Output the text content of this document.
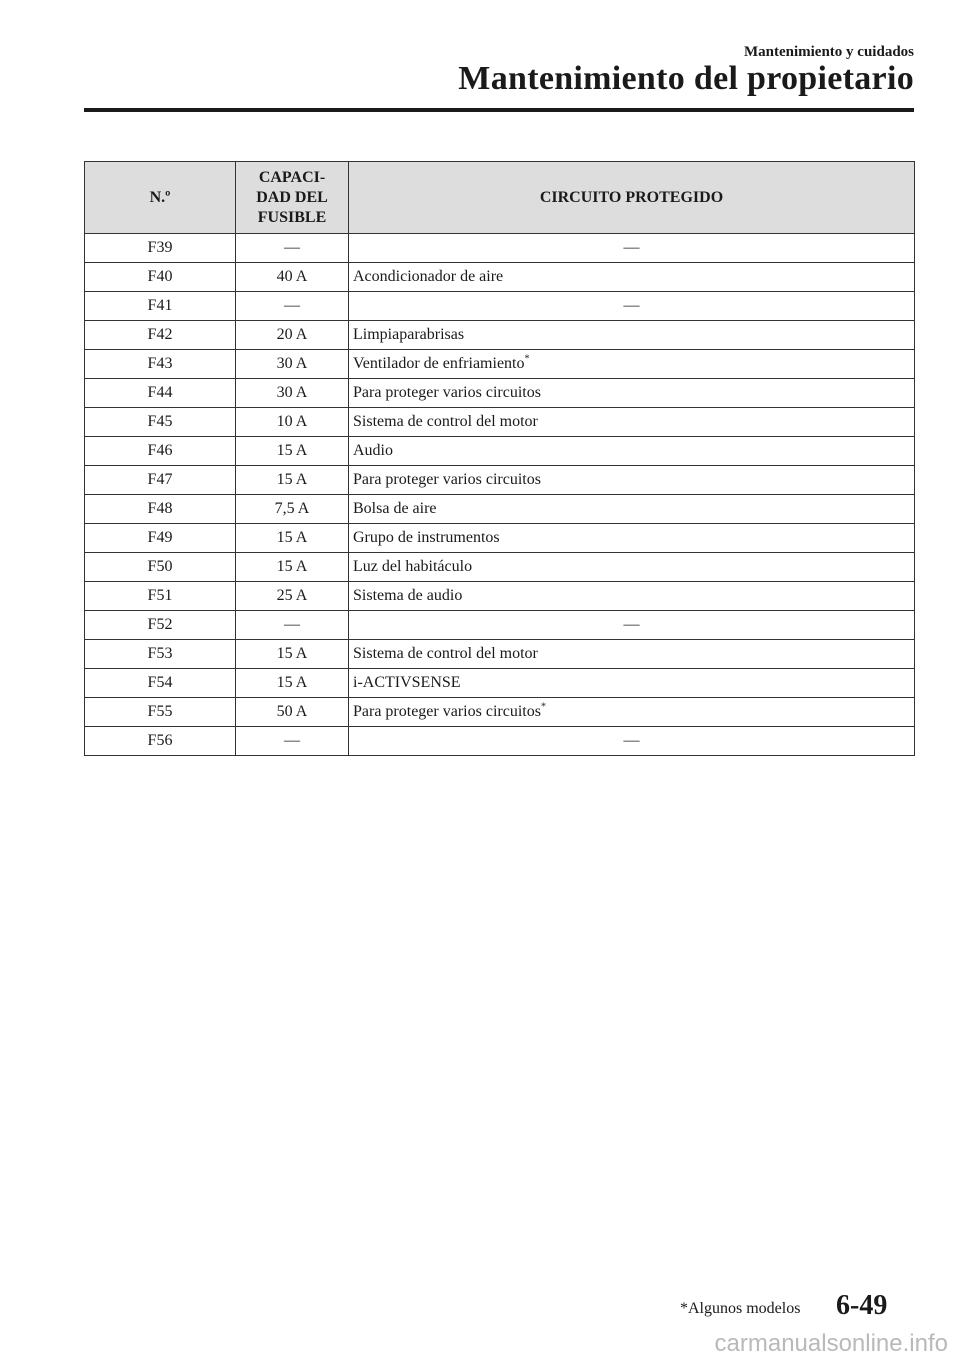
Mantenimiento y cuidados
Mantenimiento del propietario
N.º	CAPACI-
DAD DEL
FUSIBLE	CIRCUITO PROTEGIDO
F39	—	—
F40	40 A	Acondicionador de aire
F41	—	—
F42	20 A	Limpiaparabrisas
F43	30 A	Ventilador de enfriamiento*
F44	30 A	Para proteger varios circuitos
F45	10 A	Sistema de control del motor
F46	15 A	Audio
F47	15 A	Para proteger varios circuitos
F48	7,5 A	Bolsa de aire
F49	15 A	Grupo de instrumentos
F50	15 A	Luz del habitáculo
F51	25 A	Sistema de audio
F52	—	—
F53	15 A	Sistema de control del motor
F54	15 A	i-ACTIVSENSE
F55	50 A	Para proteger varios circuitos*
F56	—	—
*Algunos modelos 6-49
carmanualsonline.info
